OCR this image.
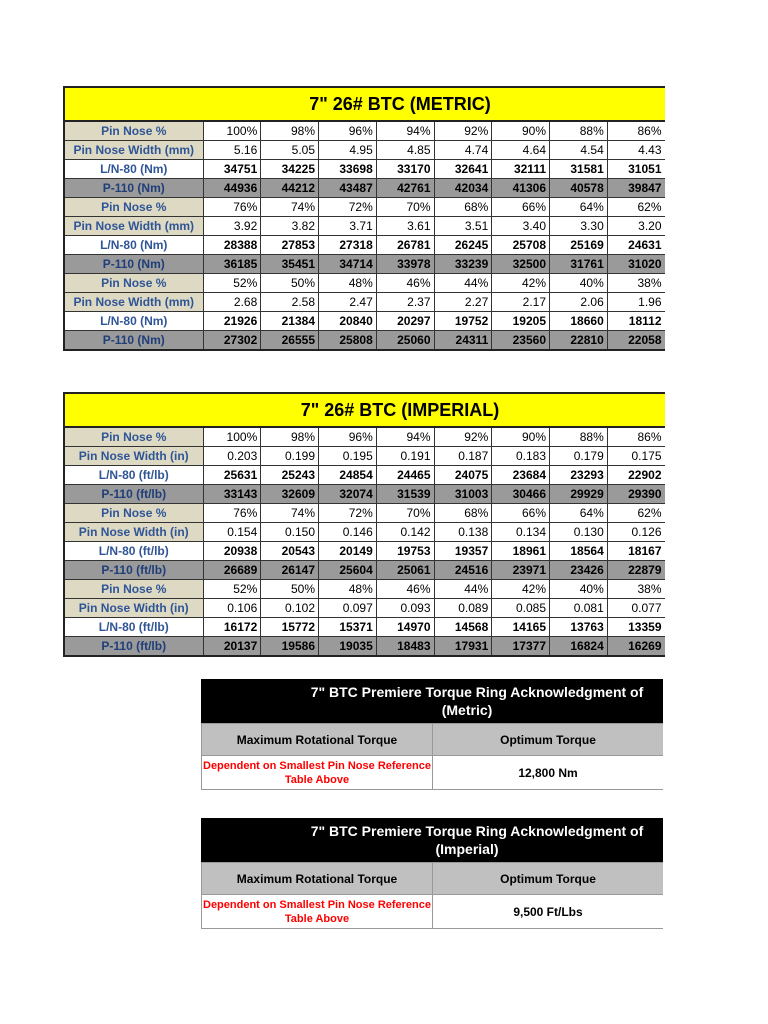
7" 26# BTC (METRIC)
Pin Nose %	100%	98%	96%	94%	92%	90%	88%	86%
Pin Nose Width (mm)	5.16	5.05	4.95	4.85	4.74	4.64	4.54	4.43
L/N-80 (Nm)	34751	34225	33698	33170	32641	32111	31581	31051
P-110 (Nm)	44936	44212	43487	42761	42034	41306	40578	39847
Pin Nose %	76%	74%	72%	70%	68%	66%	64%	62%
Pin Nose Width (mm)	3.92	3.82	3.71	3.61	3.51	3.40	3.30	3.20
L/N-80 (Nm)	28388	27853	27318	26781	26245	25708	25169	24631
P-110 (Nm)	36185	35451	34714	33978	33239	32500	31761	31020
Pin Nose %	52%	50%	48%	46%	44%	42%	40%	38%
Pin Nose Width (mm)	2.68	2.58	2.47	2.37	2.27	2.17	2.06	1.96
L/N-80 (Nm)	21926	21384	20840	20297	19752	19205	18660	18112
P-110 (Nm)	27302	26555	25808	25060	24311	23560	22810	22058
7" 26# BTC (IMPERIAL)
Pin Nose %	100%	98%	96%	94%	92%	90%	88%	86%
Pin Nose Width (in)	0.203	0.199	0.195	0.191	0.187	0.183	0.179	0.175
L/N-80 (ft/lb)	25631	25243	24854	24465	24075	23684	23293	22902
P-110 (ft/lb)	33143	32609	32074	31539	31003	30466	29929	29390
Pin Nose %	76%	74%	72%	70%	68%	66%	64%	62%
Pin Nose Width (in)	0.154	0.150	0.146	0.142	0.138	0.134	0.130	0.126
L/N-80 (ft/lb)	20938	20543	20149	19753	19357	18961	18564	18167
P-110 (ft/lb)	26689	26147	25604	25061	24516	23971	23426	22879
Pin Nose %	52%	50%	48%	46%	44%	42%	40%	38%
Pin Nose Width (in)	0.106	0.102	0.097	0.093	0.089	0.085	0.081	0.077
L/N-80 (ft/lb)	16172	15772	15371	14970	14568	14165	13763	13359
P-110 (ft/lb)	20137	19586	19035	18483	17931	17377	16824	16269
7" BTC Premiere Torque Ring Acknowledgment of
(Metric)
Maximum Rotational Torque	Optimum Torque
Dependent on Smallest Pin Nose Reference Table Above	12,800 Nm
7" BTC Premiere Torque Ring Acknowledgment of
(Imperial)
Maximum Rotational Torque	Optimum Torque
Dependent on Smallest Pin Nose Reference Table Above	9,500 Ft/Lbs
